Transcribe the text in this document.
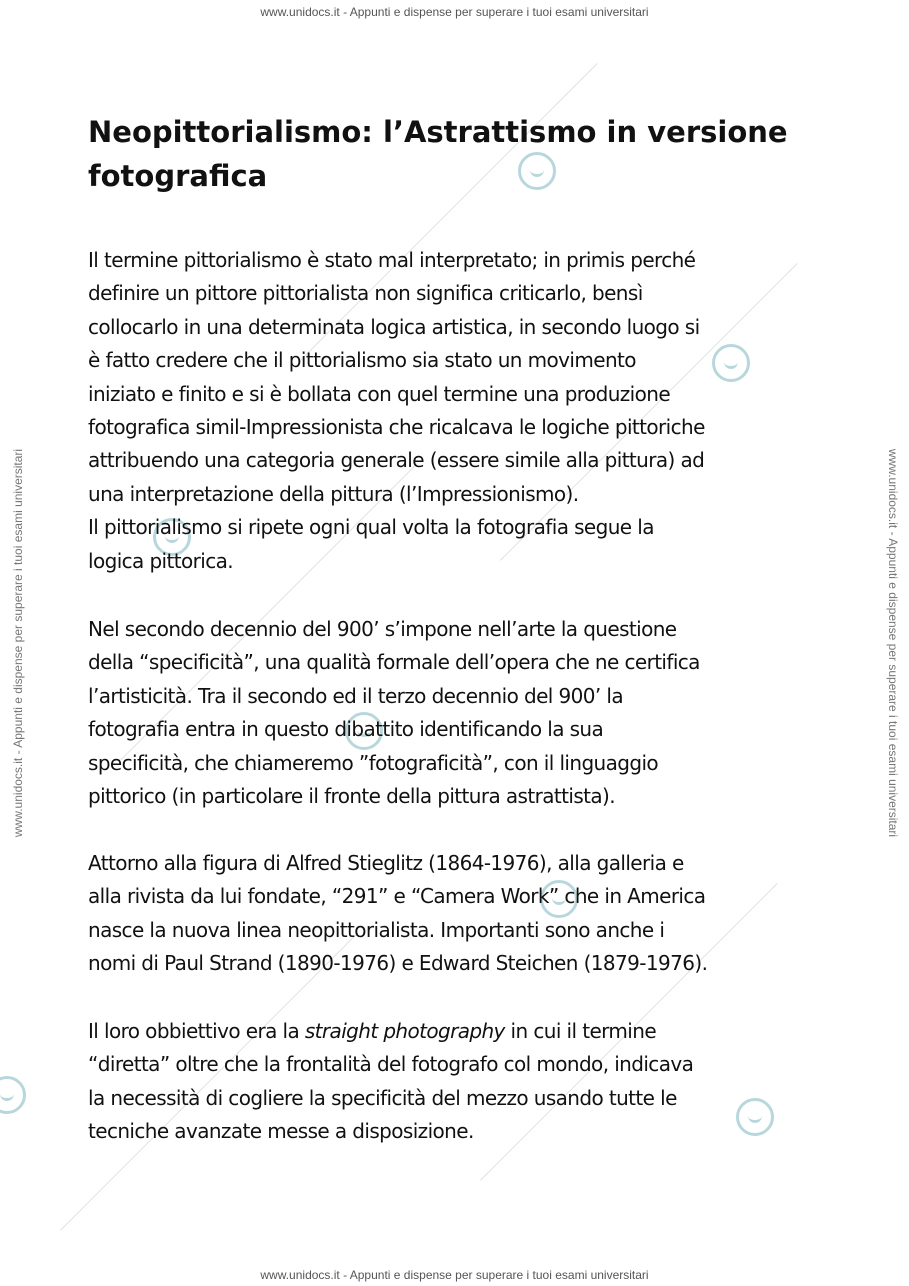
www.unidocs.it - Appunti e dispense per superare i tuoi esami universitari
www.unidocs.it - Appunti e dispense per superare i tuoi esami universitari
www.unidocs.it - Appunti e dispense per superare i tuoi esami universitari	www.unidocs.it - Appunti e dispense per superare i tuoi esami universitari
Neopittorialismo: l’Astrattismo in versione
fotografica

Il termine pittorialismo è stato mal interpretato; in primis perché
definire un pittore pittorialista non significa criticarlo, bensì
collocarlo in una determinata logica artistica, in secondo luogo si
è fatto credere che il pittorialismo sia stato un movimento
iniziato e finito e si è bollata con quel termine una produzione
fotografica simil-Impressionista che ricalcava le logiche pittoriche
attribuendo una categoria generale (essere simile alla pittura) ad
una interpretazione della pittura (l’Impressionismo).
Il pittorialismo si ripete ogni qual volta la fotografia segue la
logica pittorica.

Nel secondo decennio del 900’ s’impone nell’arte la questione
della “specificità”, una qualità formale dell’opera che ne certifica
l’artisticità. Tra il secondo ed il terzo decennio del 900’ la
fotografia entra in questo dibattito identificando la sua
specificità, che chiameremo ”fotograficità”, con il linguaggio
pittorico (in particolare il fronte della pittura astrattista).

Attorno alla figura di Alfred Stieglitz (1864-1976), alla galleria e
alla rivista da lui fondate, “291” e “Camera Work” che in America
nasce la nuova linea neopittorialista. Importanti sono anche i
nomi di Paul Strand (1890-1976) e Edward Steichen (1879-1976).

Il loro obbiettivo era la straight photography in cui il termine
“diretta” oltre che la frontalità del fotografo col mondo, indicava
la necessità di cogliere la specificità del mezzo usando tutte le
tecniche avanzate messe a disposizione.
